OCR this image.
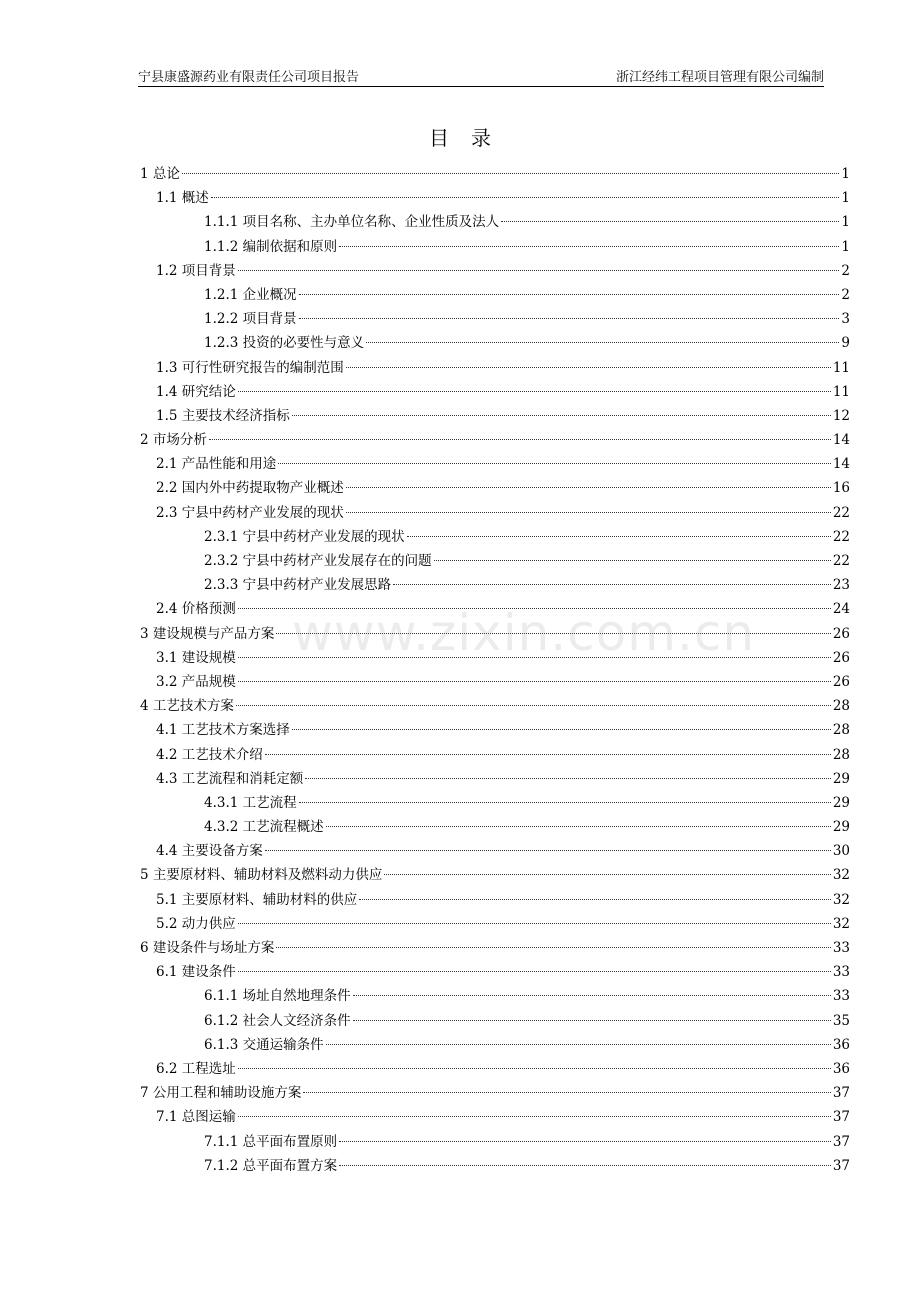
宁县康盛源药业有限责任公司项目报告	浙江经纬工程项目管理有限公司编制
目录
1 总论	1
1.1 概述	1
1.1.1 项目名称、主办单位名称、企业性质及法人	1
1.1.2 编制依据和原则	1
1.2 项目背景	2
1.2.1 企业概况	2
1.2.2 项目背景	3
1.2.3 投资的必要性与意义	9
1.3 可行性研究报告的编制范围	11
1.4 研究结论	11
1.5 主要技术经济指标	12
2 市场分析	14
2.1 产品性能和用途	14
2.2 国内外中药提取物产业概述	16
2.3 宁县中药材产业发展的现状	22
2.3.1 宁县中药材产业发展的现状	22
2.3.2 宁县中药材产业发展存在的问题	22
2.3.3 宁县中药材产业发展思路	23
2.4 价格预测	24
3 建设规模与产品方案	26
3.1 建设规模	26
3.2 产品规模	26
4 工艺技术方案	28
4.1 工艺技术方案选择	28
4.2 工艺技术介绍	28
4.3 工艺流程和消耗定额	29
4.3.1 工艺流程	29
4.3.2 工艺流程概述	29
4.4 主要设备方案	30
5 主要原材料、辅助材料及燃料动力供应	32
5.1 主要原材料、辅助材料的供应	32
5.2 动力供应	32
6 建设条件与场址方案	33
6.1 建设条件	33
6.1.1 场址自然地理条件	33
6.1.2 社会人文经济条件	35
6.1.3 交通运输条件	36
6.2 工程选址	36
7 公用工程和辅助设施方案	37
7.1 总图运输	37
7.1.1 总平面布置原则	37
7.1.2 总平面布置方案	37
www.zixin.com.cn
